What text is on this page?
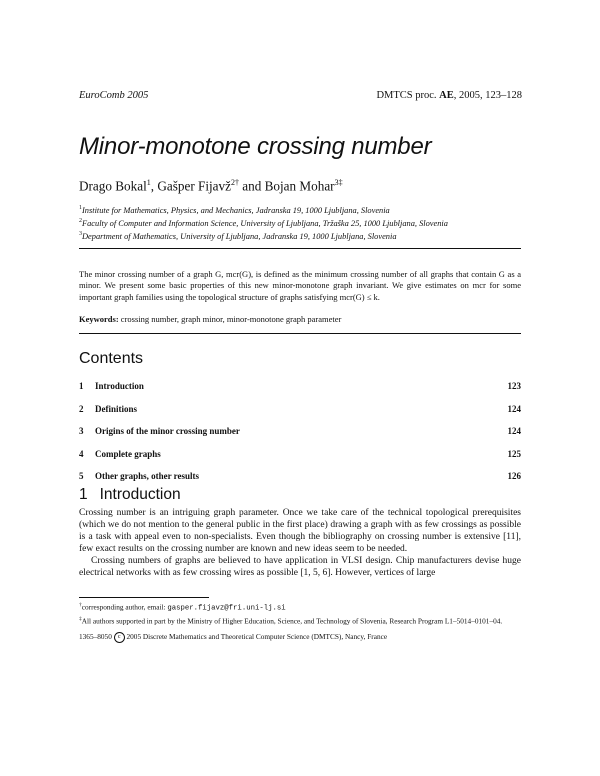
EuroComb 2005	DMTCS proc. AE, 2005, 123–128
Minor-monotone crossing number
Drago Bokal$^1$, Gašper Fijavž$^{2\dagger}$ and Bojan Mohar$^{3\ddagger}$
$^1$Institute for Mathematics, Physics, and Mechanics, Jadranska 19, 1000 Ljubljana, Slovenia
$^2$Faculty of Computer and Information Science, University of Ljubljana, Tržaška 25, 1000 Ljubljana, Slovenia
$^3$Department of Mathematics, University of Ljubljana, Jadranska 19, 1000 Ljubljana, Slovenia
The minor crossing number of a graph G, mcr(G), is defined as the minimum crossing number of all graphs that contain G as a minor. We present some basic properties of this new minor-monotone graph invariant. We give estimates on mcr for some important graph families using the topological structure of graphs satisfying mcr(G) ≤ k.
Keywords: crossing number, graph minor, minor-monotone graph parameter
Contents
1	Introduction	123
2	Definitions	124
3	Origins of the minor crossing number	124
4	Complete graphs	125
5	Other graphs, other results	126
1 Introduction

Crossing number is an intriguing graph parameter. Once we take care of the technical topological prerequisites (which we do not mention to the general public in the first place) drawing a graph with as few crossings as possible is a task with appeal even to non-specialists. Even though the bibliography on crossing number is extensive [11], few exact results on the crossing number are known and new ideas seem to be needed.

Crossing numbers of graphs are believed to have application in VLSI design. Chip manufacturers devise huge electrical networks with as few crossing wires as possible [1, 5, 6]. However, vertices of large

†corresponding author, email: gasper.fijavz@fri.uni-lj.si
‡All authors supported in part by the Ministry of Higher Education, Science, and Technology of Slovenia, Research Program L1–5014–0101–04.
1365–8050 c 2005 Discrete Mathematics and Theoretical Computer Science (DMTCS), Nancy, France
